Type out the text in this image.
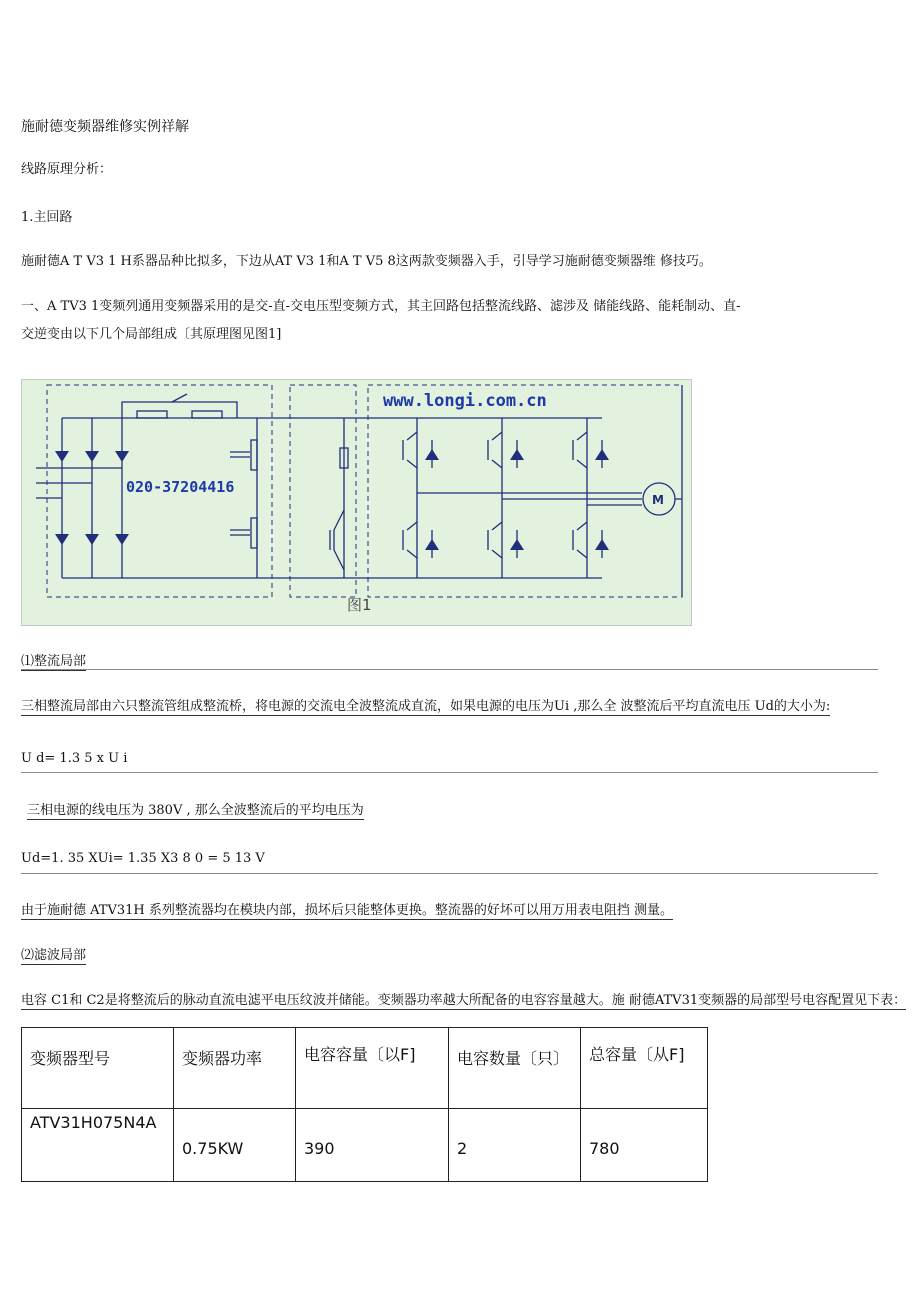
施耐德变频器维修实例祥解
线路原理分析：
1.主回路
施耐德A T V3 1 H系器品种比拟多，下边从AT V3 1和A T V5 8这两款变频器入手，引导学习施耐德变频器维 修技巧。
一、A TV3 1变频列通用变频器采用的是交-直-交电压型变频方式，其主回路包括整流线路、滤涉及 储能线路、能耗制动、直-
交逆变由以下几个局部组成〔其原理图见图1]
www.longi.com.cn
020-37204416
M
图1
⑴整流局部
三相整流局部由六只整流管组成整流桥，将电源的交流电全波整流成直流，如果电源的电压为Ui ,那么全 波整流后平均直流电压 Ud的大小为:
U d= 1.3 5 x U i
三相电源的线电压为 380V , 那么全波整流后的平均电压为
Ud=1. 35 XUi= 1.35 X3 8 0 = 5 13 V
由于施耐德 ATV31H 系列整流器均在模块内部，损坏后只能整体更换。整流器的好坏可以用万用表电阻挡 测量。
⑵滤波局部
电容 C1和 C2是将整流后的脉动直流电滤平电压纹波并储能。变频器功率越大所配备的电容容量越大。施 耐德ATV31变频器的局部型号电容配置见下表：
变频器型号	变频器功率	电容容量〔以F]	电容数量〔只〕	总容量〔从F]

ATV31H075N4A	0.75KW	390	2	780
